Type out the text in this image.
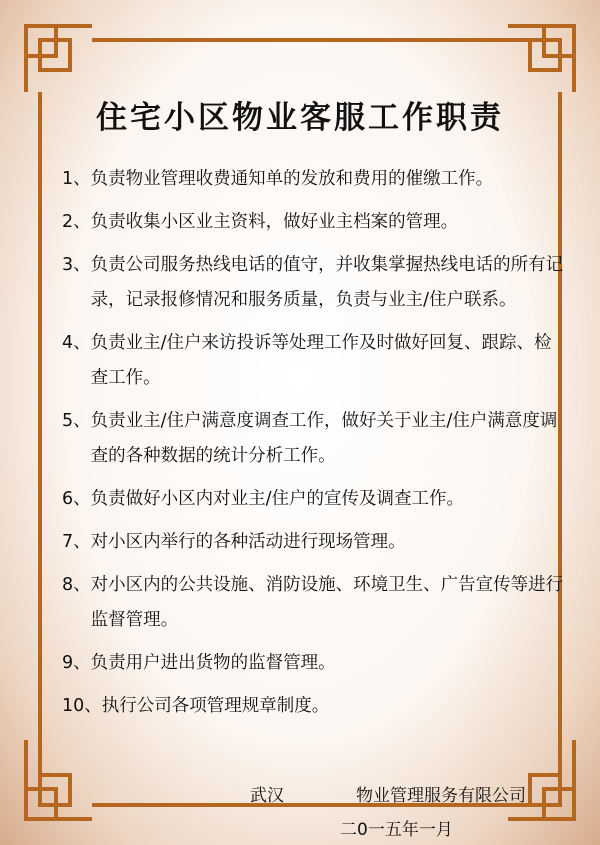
住宅小区物业客服工作职责
1、 负责物业管理收费通知单的发放和费用的催缴工作。
2、 负责收集小区业主资料，做好业主档案的管理。
3、 负责公司服务热线电话的值守，并收集掌握热线电话的所有记录，记录报修情况和服务质量，负责与业主/住户联系。
4、 负责业主/住户来访投诉等处理工作及时做好回复、跟踪、检查工作。
5、 负责业主/住户满意度调查工作，做好关于业主/住户满意度调查的各种数据的统计分析工作。
6、 负责做好小区内对业主/住户的宣传及调查工作。
7、 对小区内举行的各种活动进行现场管理。
8、 对小区内的公共设施、消防设施、环境卫生、广告宣传等进行监督管理。
9、 负责用户进出货物的监督管理。
10、 执行公司各项管理规章制度。
武汉	物业管理服务有限公司
二0一五年一月
